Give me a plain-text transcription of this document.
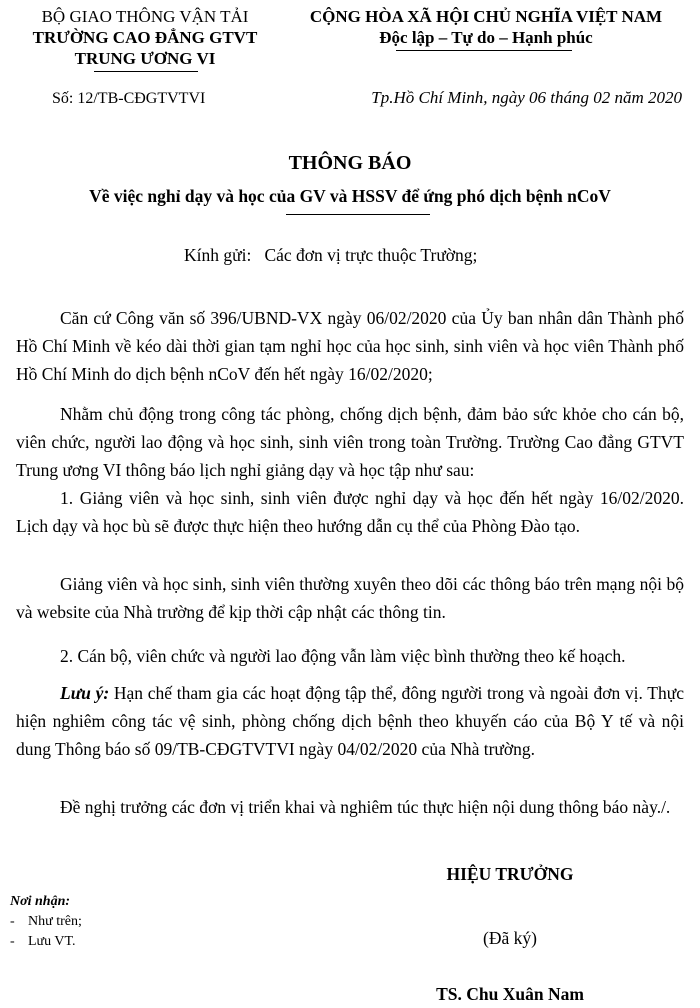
BỘ GIAO THÔNG VẬN TẢI
TRƯỜNG CAO ĐẲNG GTVT
TRUNG ƯƠNG VI
Số: 12/TB-CĐGTVTVI
CỘNG HÒA XÃ HỘI CHỦ NGHĨA VIỆT NAM
Độc lập – Tự do – Hạnh phúc
Tp.Hồ Chí Minh, ngày 06 tháng 02 năm 2020
THÔNG BÁO
Về việc nghỉ dạy và học của GV và HSSV để ứng phó dịch bệnh nCoV
Kính gửi:   Các đơn vị trực thuộc Trường;
Căn cứ Công văn số 396/UBND-VX ngày 06/02/2020 của Ủy ban nhân dân Thành phố Hồ Chí Minh về kéo dài thời gian tạm nghỉ học của học sinh, sinh viên và học viên Thành phố Hồ Chí Minh do dịch bệnh nCoV đến hết ngày 16/02/2020;
Nhằm chủ động trong công tác phòng, chống dịch bệnh, đảm bảo sức khỏe cho cán bộ, viên chức, người lao động và học sinh, sinh viên trong toàn Trường. Trường Cao đẳng GTVT Trung ương VI thông báo lịch nghỉ giảng dạy và học tập như sau:
1. Giảng viên và học sinh, sinh viên được nghỉ dạy và học đến hết ngày 16/02/2020. Lịch dạy và học bù sẽ được thực hiện theo hướng dẫn cụ thể của Phòng Đào tạo.
Giảng viên và học sinh, sinh viên thường xuyên theo dõi các thông báo trên mạng nội bộ và website của Nhà trường để kịp thời cập nhật các thông tin.
2. Cán bộ, viên chức và người lao động vẫn làm việc bình thường theo kế hoạch.
Lưu ý: Hạn chế tham gia các hoạt động tập thể, đông người trong và ngoài đơn vị. Thực hiện nghiêm công tác vệ sinh, phòng chống dịch bệnh theo khuyến cáo của Bộ Y tế và nội dung Thông báo số 09/TB-CĐGTVTVI ngày 04/02/2020 của Nhà trường.
Đề nghị trưởng các đơn vị triển khai và nghiêm túc thực hiện nội dung thông báo này./.
HIỆU TRƯỞNG
(Đã ký)
TS. Chu Xuân Nam
Nơi nhận:
- Như trên;
- Lưu VT.
